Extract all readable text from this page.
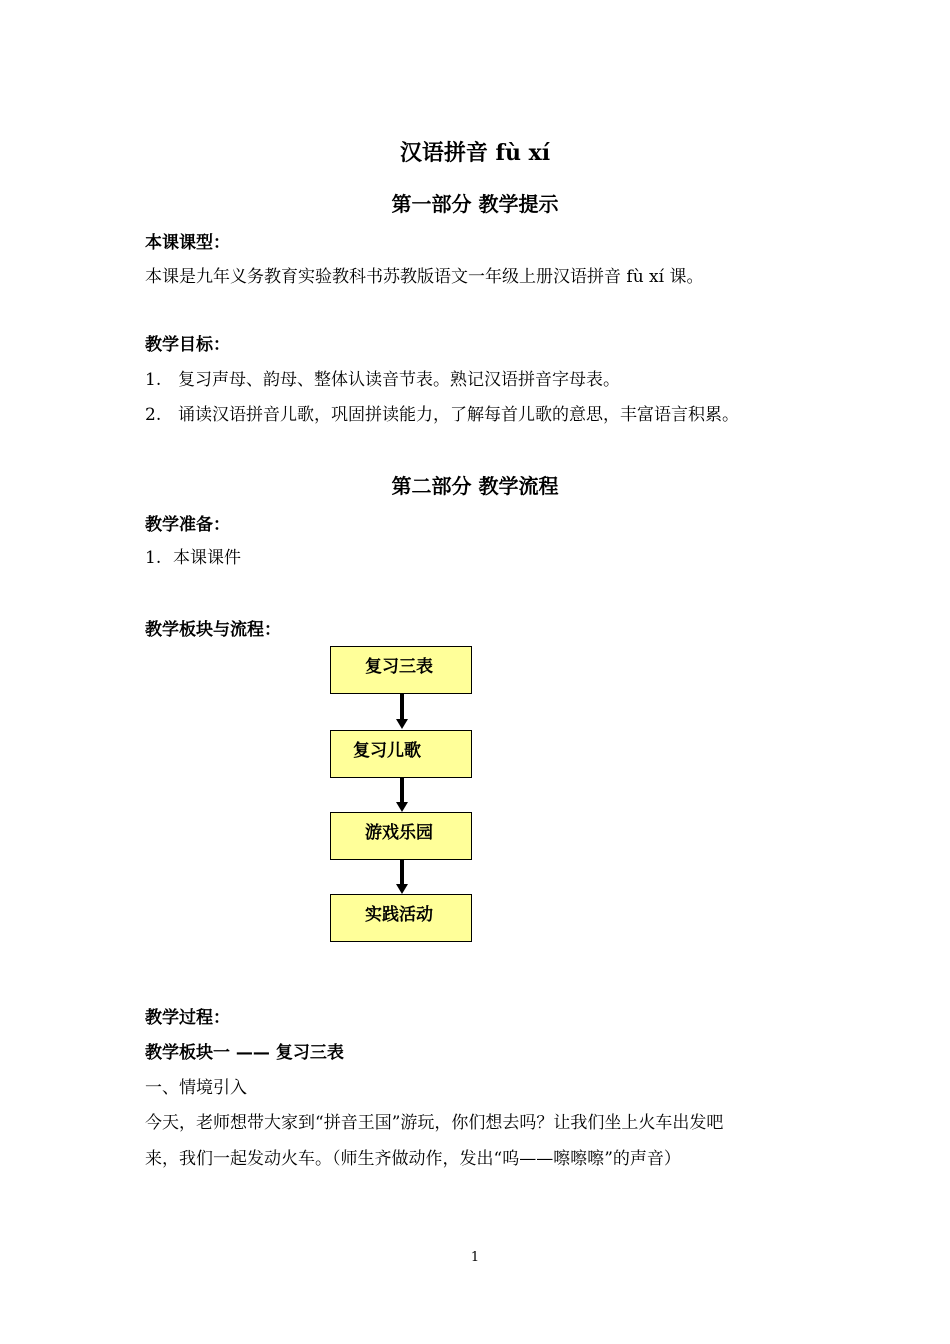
汉语拼音 fù xí
第一部分 教学提示
本课课型：
本课是九年义务教育实验教科书苏教版语文一年级上册汉语拼音 fù xí 课。
教学目标：
1. 复习声母、韵母、整体认读音节表。熟记汉语拼音字母表。
2. 诵读汉语拼音儿歌，巩固拼读能力，了解每首儿歌的意思，丰富语言积累。
第二部分 教学流程
教学准备：
1. 本课课件
教学板块与流程：
复习三表
复习儿歌
游戏乐园
实践活动
教学过程：
教学板块一 —— 复习三表
一、情境引入
今天，老师想带大家到“拼音王国”游玩，你们想去吗？让我们坐上火车出发吧
来，我们一起发动火车。（师生齐做动作，发出“呜——嚓嚓嚓”的声音）
1
